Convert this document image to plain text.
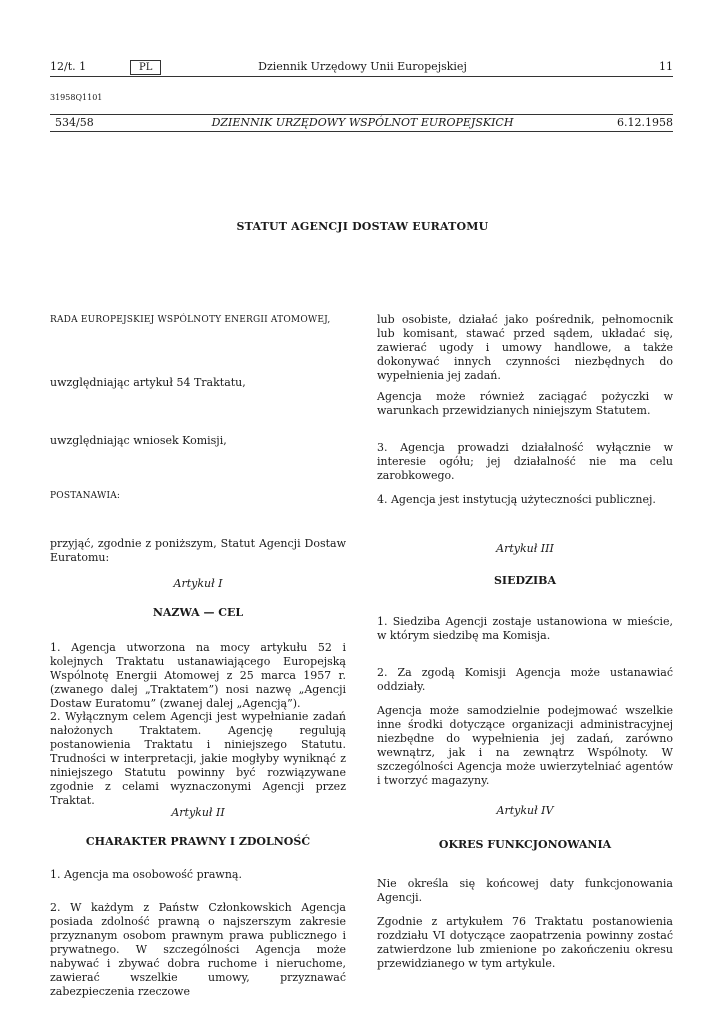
12/t. 1	PL	Dziennik Urzędowy Unii Europejskiej	11
31958Q1101
534/58	DZIENNIK URZĘDOWY WSPÓLNOT EUROPEJSKICH	6.12.1958
STATUT AGENCJI DOSTAW EURATOMU

RADA EUROPEJSKIEJ WSPÓLNOTY ENERGII ATOMOWEJ,

uwzględniając artykuł 54 Traktatu,

uwzględniając wniosek Komisji,

POSTANAWIA:

przyjąć, zgodnie z poniższym, Statut Agencji Dostaw Euratomu:

Artykuł I

NAZWA — CEL

1. Agencja utworzona na mocy artykułu 52 i kolejnych Traktatu ustanawiającego Europejską Wspólnotę Energii Atomowej z 25 marca 1957 r. (zwanego dalej „Traktatem”) nosi nazwę „Agencji Dostaw Euratomu” (zwanej dalej „Agencją”).

2. Wyłącznym celem Agencji jest wypełnianie zadań nałożonych Traktatem. Agencję regulują postanowienia Traktatu i niniejszego Statutu. Trudności w interpretacji, jakie mogłyby wyniknąć z niniejszego Statutu powinny być rozwiązywane zgodnie z celami wyznaczonymi Agencji przez Traktat.

Artykuł II

CHARAKTER PRAWNY I ZDOLNOŚĆ

1. Agencja ma osobowość prawną.

2. W każdym z Państw Członkowskich Agencja posiada zdolność prawną o najszerszym zakresie przyznanym osobom prawnym prawa publicznego i prywatnego. W szczególności Agencja może nabywać i zbywać dobra ruchome i nieruchome, zawierać wszelkie umowy, przyznawać zabezpieczenia rzeczowe

lub osobiste, działać jako pośrednik, pełnomocnik lub komisant, stawać przed sądem, układać się, zawierać ugody i umowy handlowe, a także dokonywać innych czynności niezbędnych do wypełnienia jej zadań.

Agencja może również zaciągać pożyczki w warunkach przewidzianych niniejszym Statutem.

3. Agencja prowadzi działalność wyłącznie w interesie ogółu; jej działalność nie ma celu zarobkowego.

4. Agencja jest instytucją użyteczności publicznej.

Artykuł III

SIEDZIBA

1. Siedziba Agencji zostaje ustanowiona w mieście, w którym siedzibę ma Komisja.

2. Za zgodą Komisji Agencja może ustanawiać oddziały.

Agencja może samodzielnie podejmować wszelkie inne środki dotyczące organizacji administracyjnej niezbędne do wypełnienia jej zadań, zarówno wewnątrz, jak i na zewnątrz Wspólnoty. W szczególności Agencja może uwierzytelniać agentów i tworzyć magazyny.

Artykuł IV

OKRES FUNKCJONOWANIA

Nie określa się końcowej daty funkcjonowania Agencji.

Zgodnie z artykułem 76 Traktatu postanowienia rozdziału VI dotyczące zaopatrzenia powinny zostać zatwierdzone lub zmienione po zakończeniu okresu przewidzianego w tym artykule.
